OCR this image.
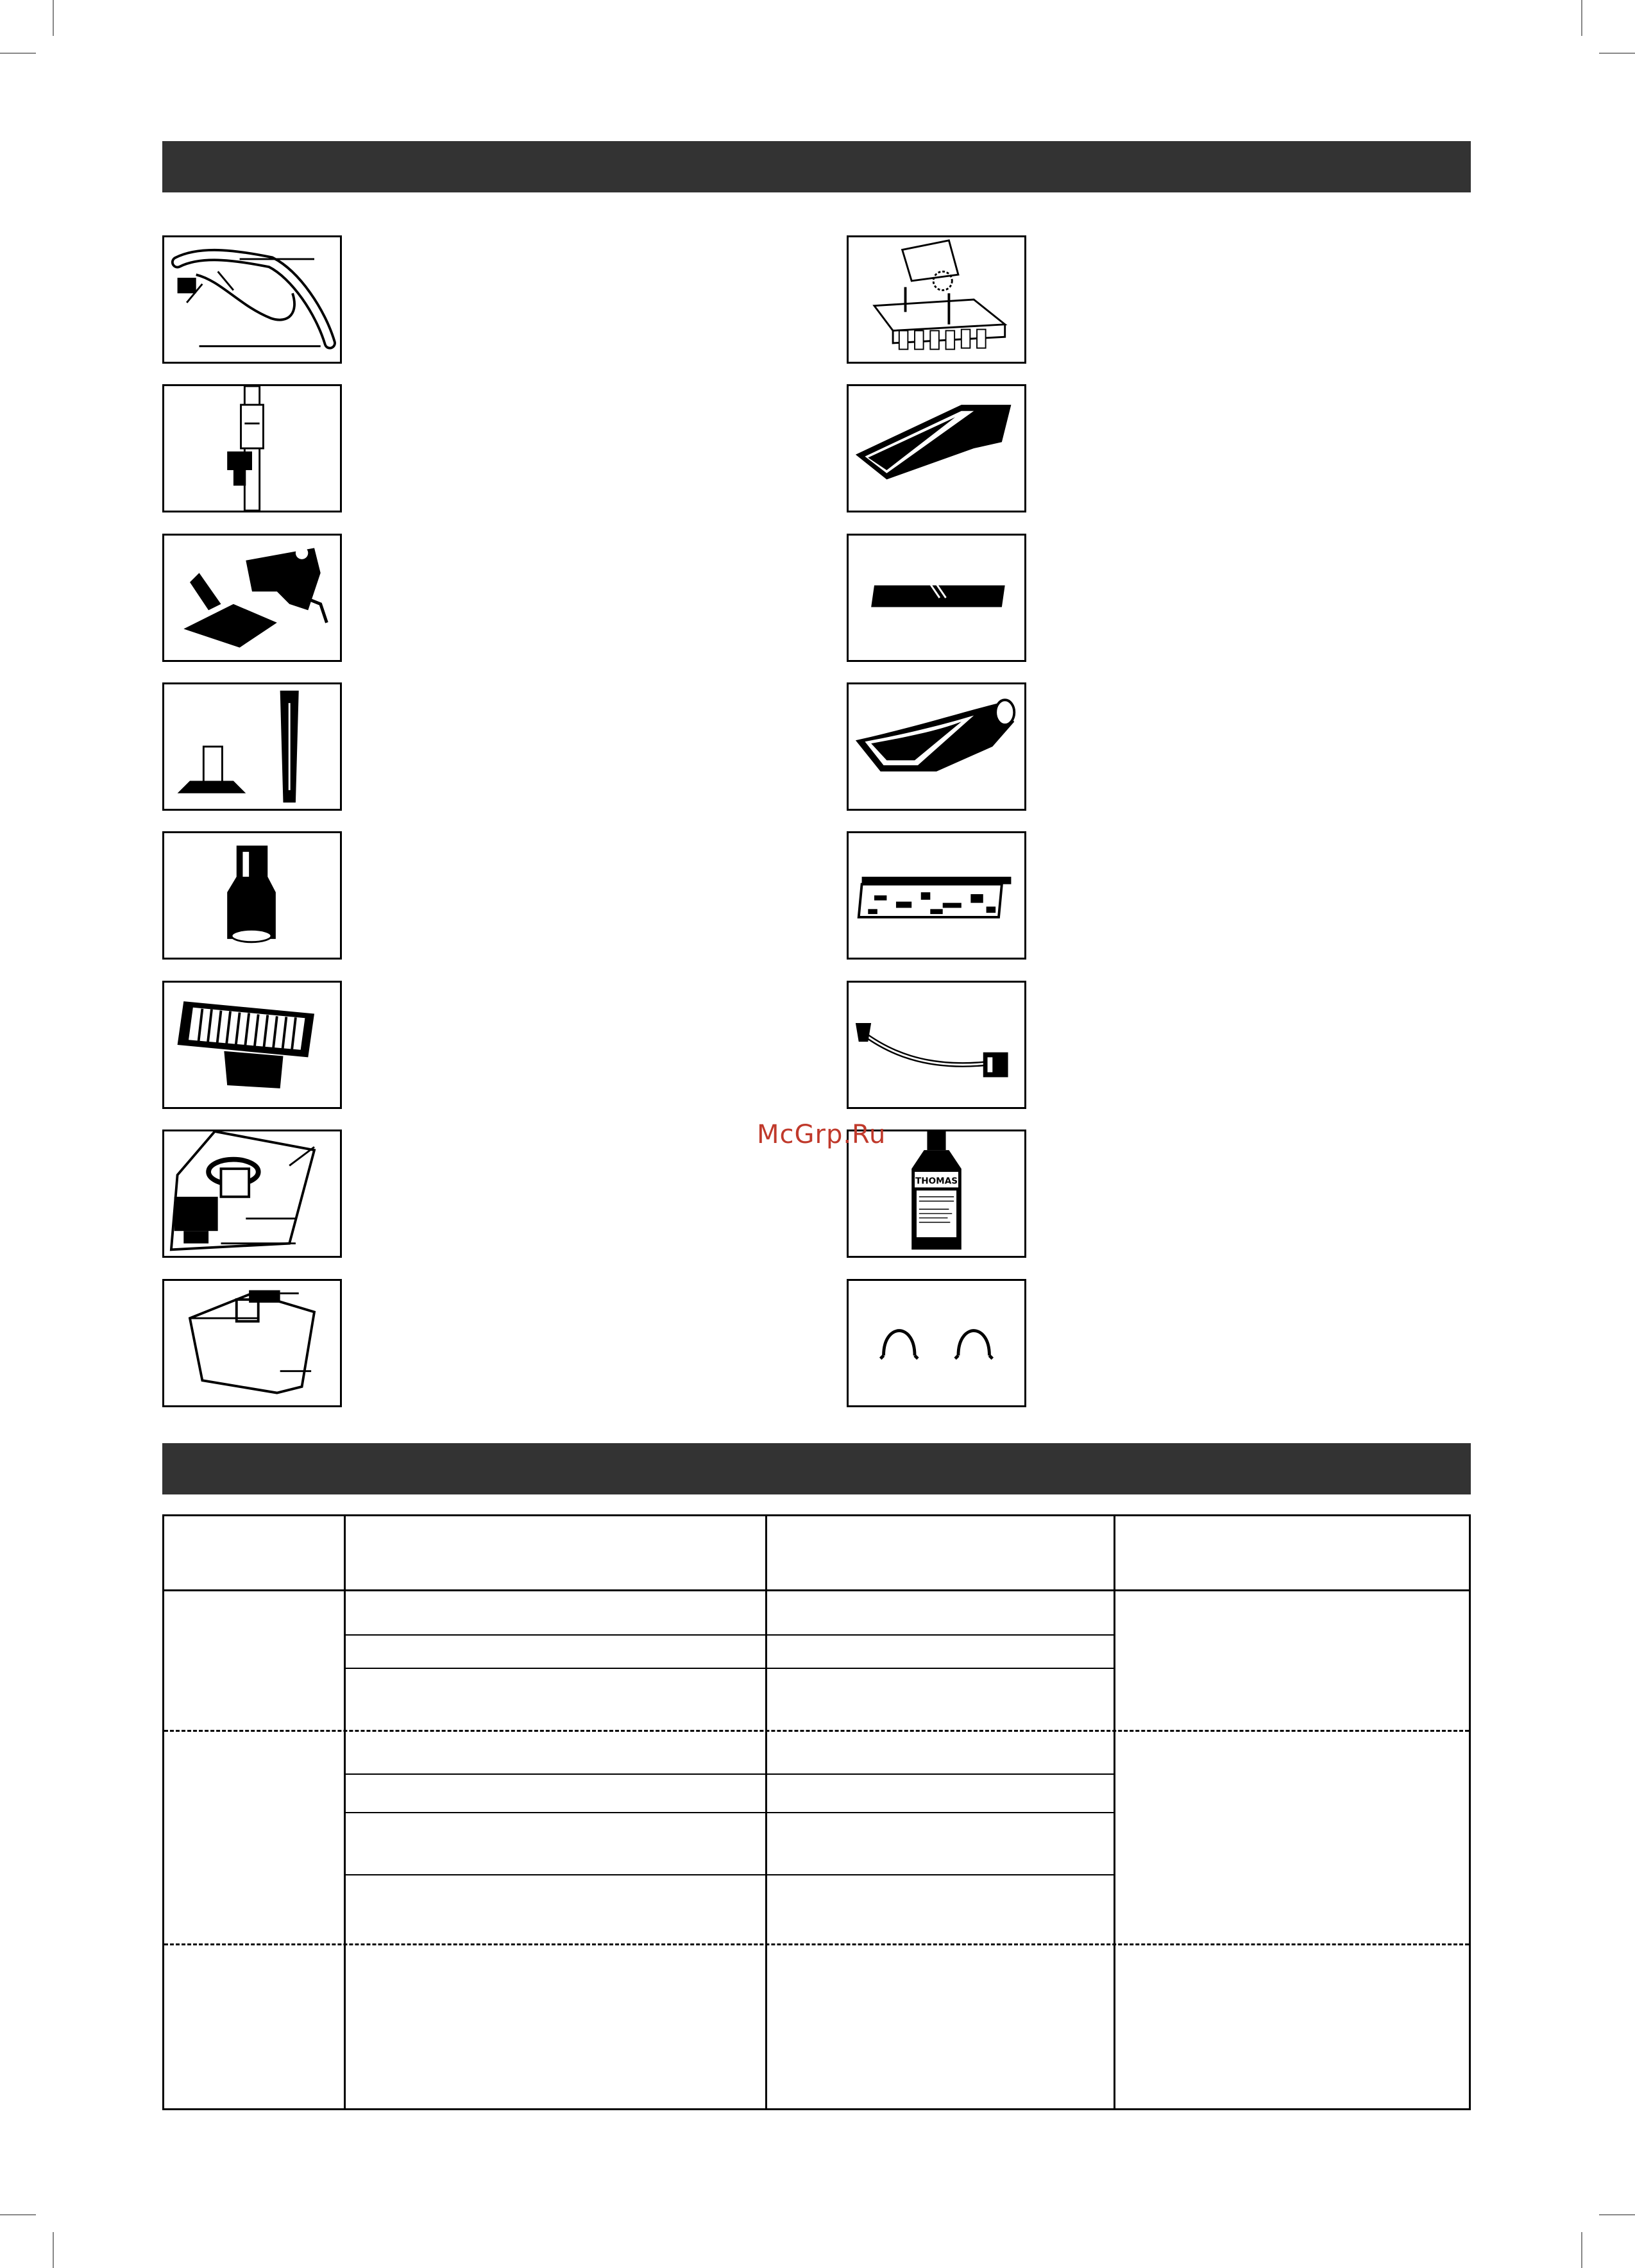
THOMAS
McGrp.Ru
